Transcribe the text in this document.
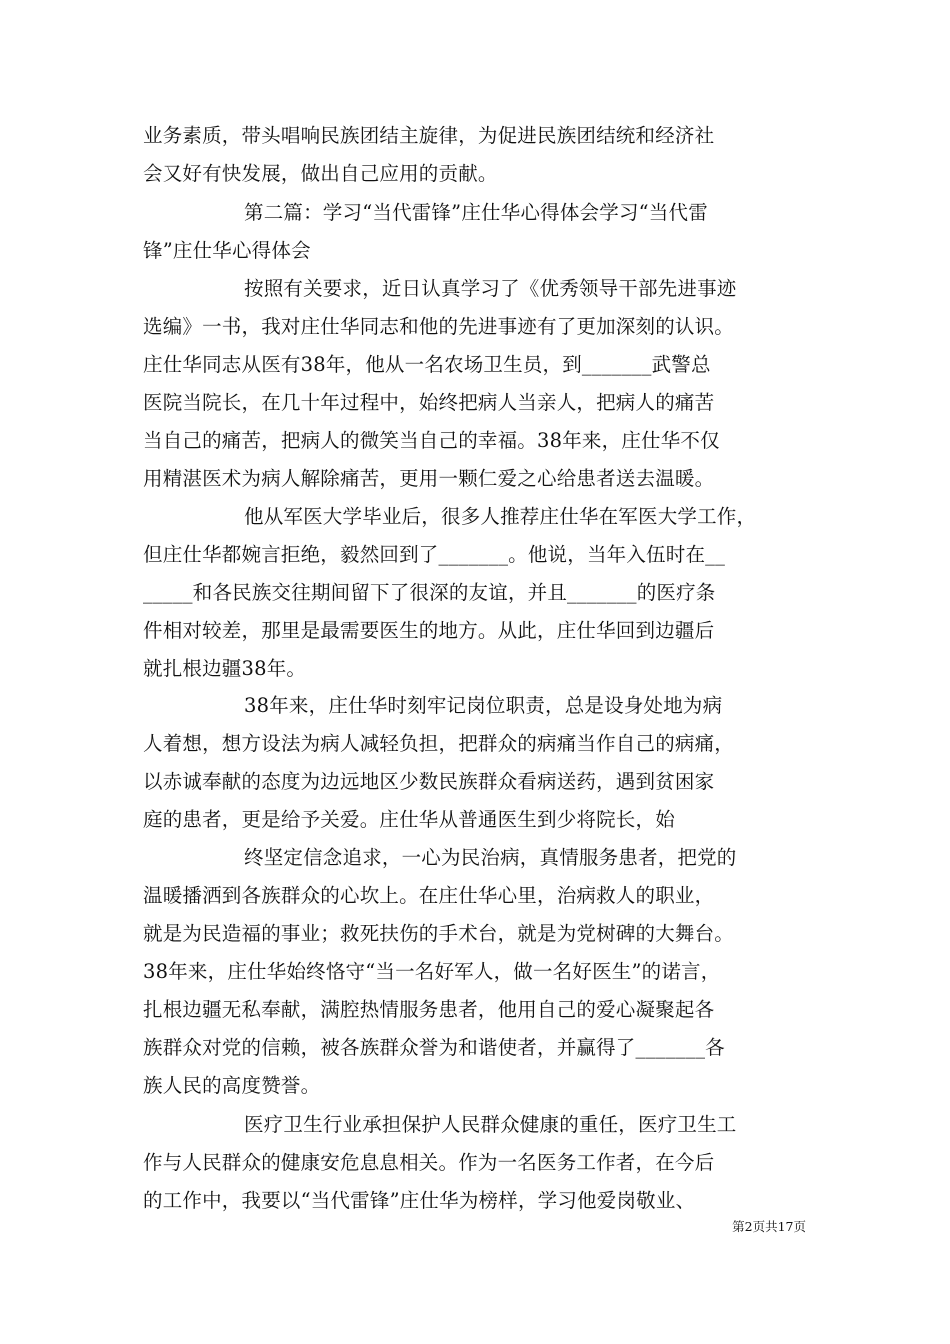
业务素质，带头唱响民族团结主旋律，为促进民族团结统和经济社
会又好有快发展，做出自己应用的贡献。
第二篇：学习“当代雷锋”庄仕华心得体会学习“当代雷
锋”庄仕华心得体会
按照有关要求，近日认真学习了《优秀领导干部先进事迹
选编》一书，我对庄仕华同志和他的先进事迹有了更加深刻的认识。
庄仕华同志从医有38年，他从一名农场卫生员，到_______武警总
医院当院长，在几十年过程中，始终把病人当亲人，把病人的痛苦
当自己的痛苦，把病人的微笑当自己的幸福。38年来，庄仕华不仅
用精湛医术为病人解除痛苦，更用一颗仁爱之心给患者送去温暖。
他从军医大学毕业后，很多人推荐庄仕华在军医大学工作，
但庄仕华都婉言拒绝，毅然回到了_______。他说，当年入伍时在__
_____和各民族交往期间留下了很深的友谊，并且_______的医疗条
件相对较差，那里是最需要医生的地方。从此，庄仕华回到边疆后
就扎根边疆38年。
38年来，庄仕华时刻牢记岗位职责，总是设身处地为病
人着想，想方设法为病人减轻负担，把群众的病痛当作自己的病痛，
以赤诚奉献的态度为边远地区少数民族群众看病送药，遇到贫困家
庭的患者，更是给予关爱。庄仕华从普通医生到少将院长，始
终坚定信念追求，一心为民治病，真情服务患者，把党的
温暖播洒到各族群众的心坎上。在庄仕华心里，治病救人的职业，
就是为民造福的事业；救死扶伤的手术台，就是为党树碑的大舞台。
38年来，庄仕华始终恪守“当一名好军人，做一名好医生”的诺言，
扎根边疆无私奉献，满腔热情服务患者，他用自己的爱心凝聚起各
族群众对党的信赖，被各族群众誉为和谐使者，并赢得了_______各
族人民的高度赞誉。
医疗卫生行业承担保护人民群众健康的重任，医疗卫生工
作与人民群众的健康安危息息相关。作为一名医务工作者，在今后
的工作中，我要以“当代雷锋”庄仕华为榜样，学习他爱岗敬业、
第2页共17页
